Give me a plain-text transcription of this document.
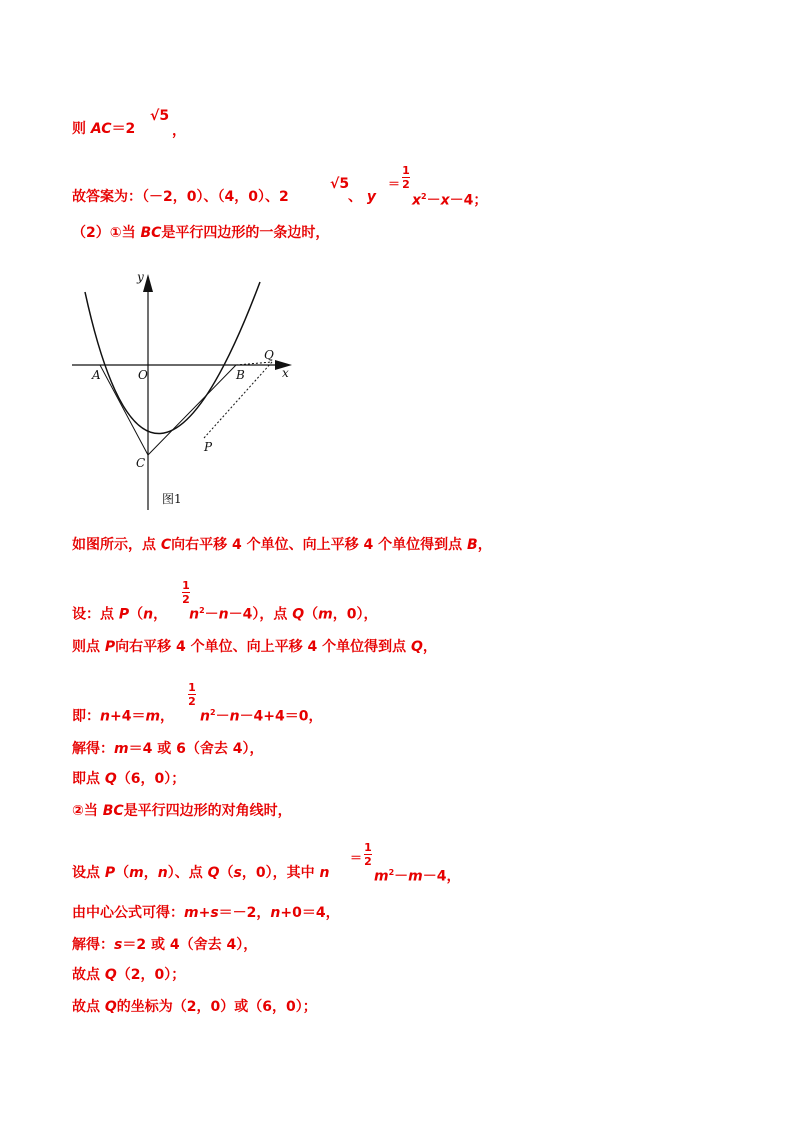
则 AC＝2
√5
，
故答案为：（－2，0）、（4，0）、2
√5
、 y
＝
1
2
$x^2-x-4$；
（2）①当 BC是平行四边形的一条边时，
y
x
A	O	B
Q
C
P
图1
如图所示，点 C向右平移 4 个单位、向上平移 4 个单位得到点 B，
1
2
设：点 P（n， $n^2-n-4$），点 Q（m，0），
则点 P向右平移 4 个单位、向上平移 4 个单位得到点 Q，
1
2
即：n+4＝m， $n^2-n-4+4=0$，
解得：m＝4 或 6（舍去 4），
即点 Q（6，0）；
②当 BC是平行四边形的对角线时，
＝
1
2
设点 P（m，n）、点 Q（s，0），其中 n	$m^2-m-4$，
由中心公式可得：m+s＝－2，n+0＝4，
解得：s＝2 或 4（舍去 4），
故点 Q（2，0）；
故点 Q的坐标为（2，0）或（6，0）；
